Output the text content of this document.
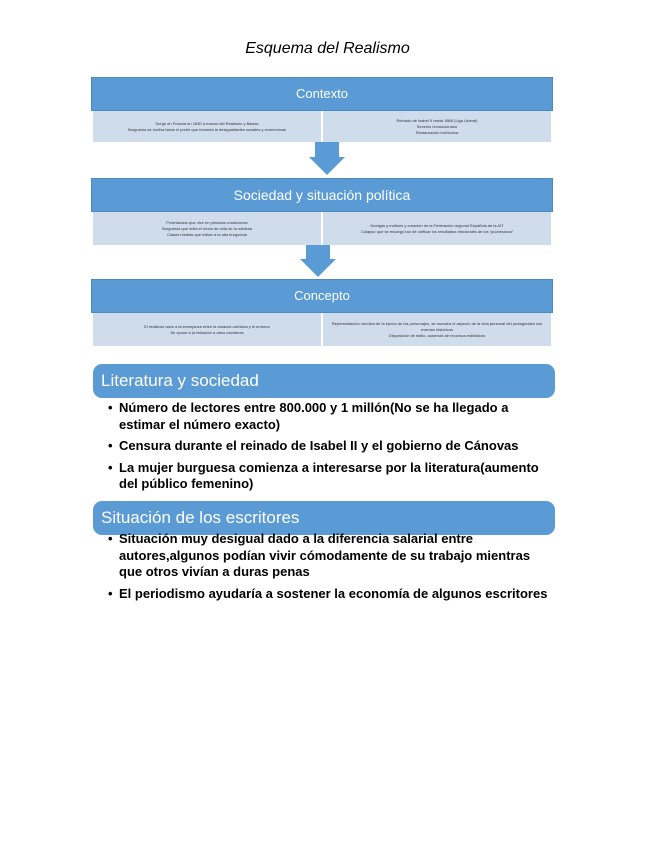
Esquema del Realismo
Contexto
Surge en Francia en 1830 a manos del Realismo y Balzac
Burguesía se inclina hacia el poder que fomenta la desigualdades sociales y económicas
Reinado de Isabel II hasta 1868 (Liga Liberal)
Sexenio revolucionario
Restauración borbónica
Sociedad y situación política
Proletariado que vive en pésimas condiciones
Burguesía que imita el modo de vida de la nobleza
Clases medias que imitan a la alta burguesía
Huelgas y motines y creación de la Federación regional Española de la AIT
Colapso que se encargó tan de unificar los resultados electorales de los “pucherazos”
Concepto
El realismo nace a la semejanza entre la creación artística y el entorno
Se opone a la imitación a otros escritores
Representación verídica de la época de los personajes, se muestra el aspecto de la vida personal del protagonista con eventos históricos
Disposición de estilo, ausencia de recursos estilísticos
Literatura y sociedad
• Número de lectores entre 800.000 y 1 millón(No se ha llegado a estimar el número exacto)
• Censura durante el reinado de Isabel II y el gobierno de Cánovas
• La mujer burguesa comienza a interesarse por la literatura(aumento del público femenino)
Situación de los escritores
• Situación muy desigual dado a la diferencia salarial entre autores,algunos podían vivir cómodamente de su trabajo mientras que otros vivían a duras penas
• El periodismo ayudaría a sostener la economía de algunos escritores
